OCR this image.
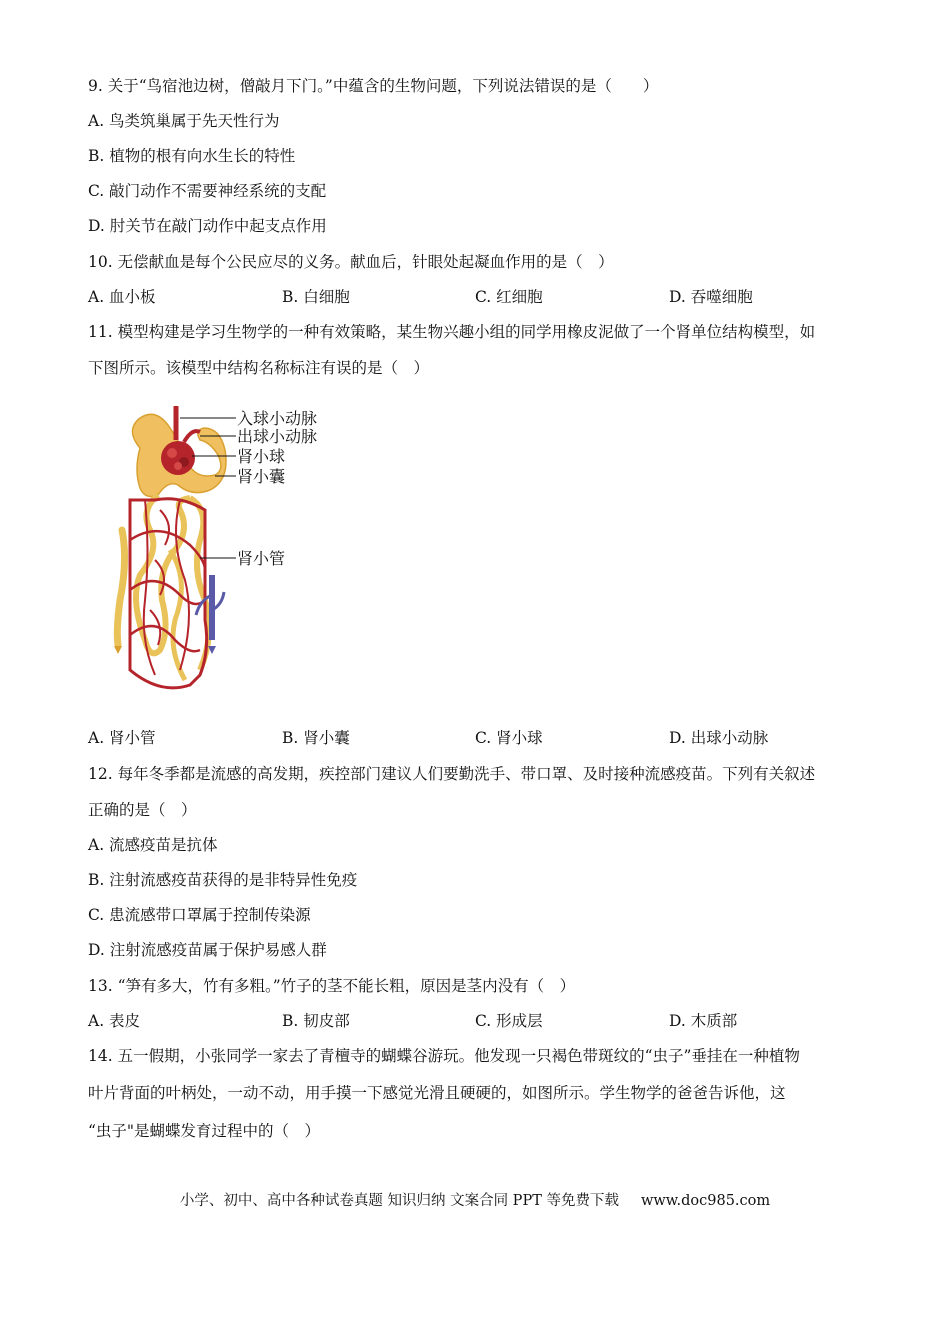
9. 关于“鸟宿池边树，僧敲月下门。”中蕴含的生物问题，下列说法错误的是（　　）
A. 鸟类筑巢属于先天性行为
B. 植物的根有向水生长的特性
C. 敲门动作不需要神经系统的支配
D. 肘关节在敲门动作中起支点作用
10. 无偿献血是每个公民应尽的义务。献血后，针眼处起凝血作用的是（　）
A. 血小板	B. 白细胞	C. 红细胞	D. 吞噬细胞
11. 模型构建是学习生物学的一种有效策略，某生物兴趣小组的同学用橡皮泥做了一个肾单位结构模型，如
下图所示。该模型中结构名称标注有误的是（　）
入球小动脉
出球小动脉
肾小球
肾小囊
肾小管
A. 肾小管	B. 肾小囊	C. 肾小球	D. 出球小动脉
12. 每年冬季都是流感的高发期，疾控部门建议人们要勤洗手、带口罩、及时接种流感疫苗。下列有关叙述
正确的是（　）
A. 流感疫苗是抗体
B. 注射流感疫苗获得的是非特异性免疫
C. 患流感带口罩属于控制传染源
D. 注射流感疫苗属于保护易感人群
13. “笋有多大，竹有多粗。”竹子的茎不能长粗，原因是茎内没有（　）
A. 表皮	B. 韧皮部	C. 形成层	D. 木质部
14. 五一假期，小张同学一家去了青檀寺的蝴蝶谷游玩。他发现一只褐色带斑纹的“虫子”垂挂在一种植物
叶片背面的叶柄处，一动不动，用手摸一下感觉光滑且硬硬的，如图所示。学生物学的爸爸告诉他，这
“虫子"是蝴蝶发育过程中的（　）
小学、初中、高中各种试卷真题 知识归纳 文案合同 PPT 等免费下载 www.doc985.com
